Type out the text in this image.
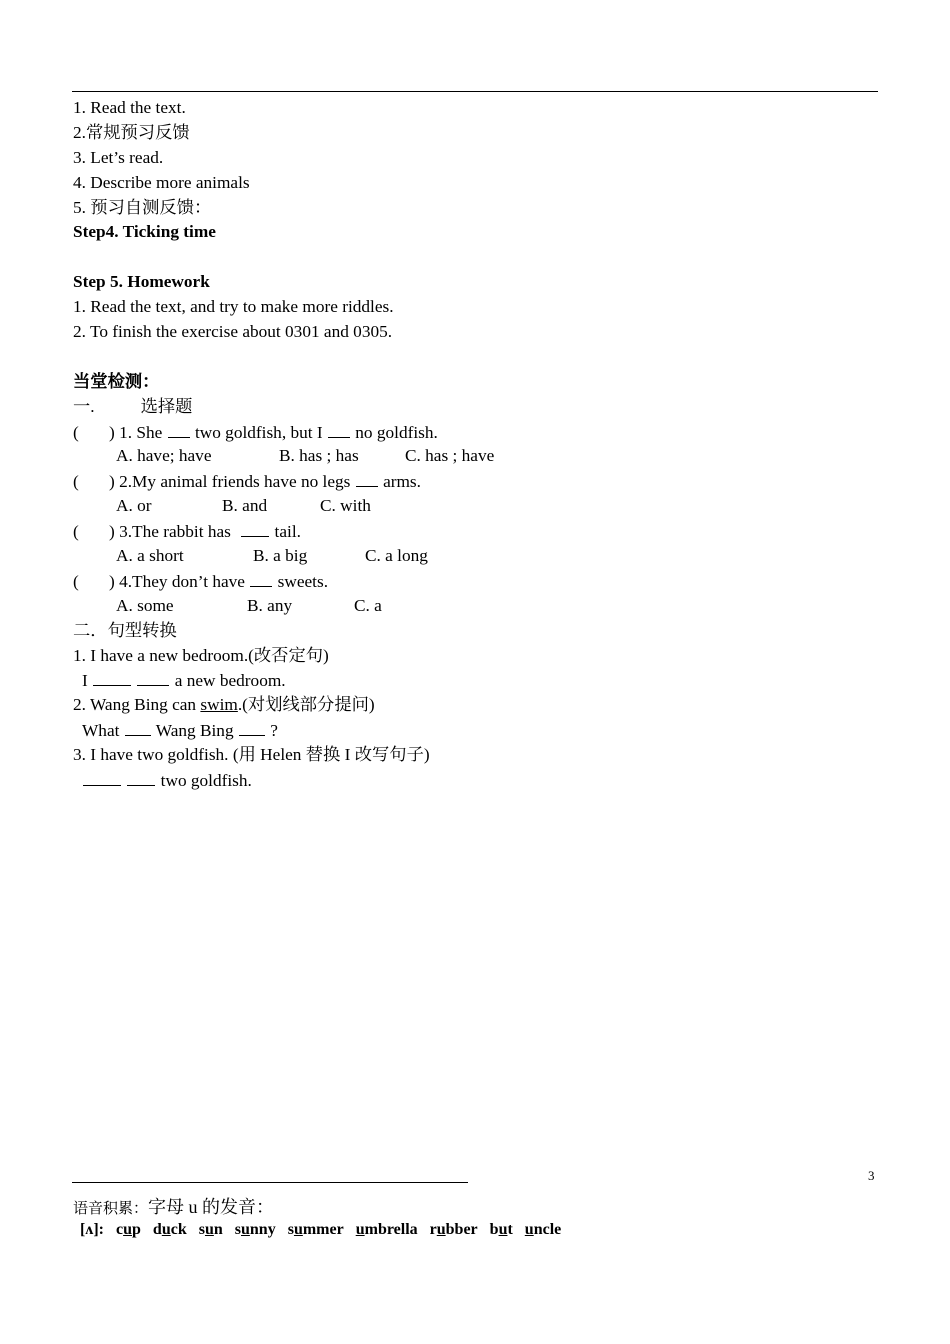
1. Read the text.
2.常规预习反馈
3. Let’s read.
4. Describe more animals
5. 预习自测反馈：
Step4. Ticking time
Step 5. Homework
1. Read the text, and try to make more riddles.
2. To finish the exercise about 0301 and 0305.
当堂检测：
一.	选择题
( ) 1. She two goldfish, but I no goldfish.
A. have; have	B. has ; has	C. has ; have
( ) 2.My animal friends have no legs arms.
A. or	B. and	C. with
( ) 3.The rabbit has	tail.
A. a short	B. a big	C. a long
( ) 4.They don’t have sweets.
A. some	B. any	C. a
二．句型转换
1. I have a new bedroom.(改否定句)
I	a new bedroom.
2. Wang Bing can swim.(对划线部分提问)
What Wang Bing ?
3. I have two goldfish. (用 Helen 替换 I 改写句子)
two goldfish.
3
语音积累：字母 u 的发音：
[ʌ]: cup duck sun sunny summer umbrella rubber but uncle
